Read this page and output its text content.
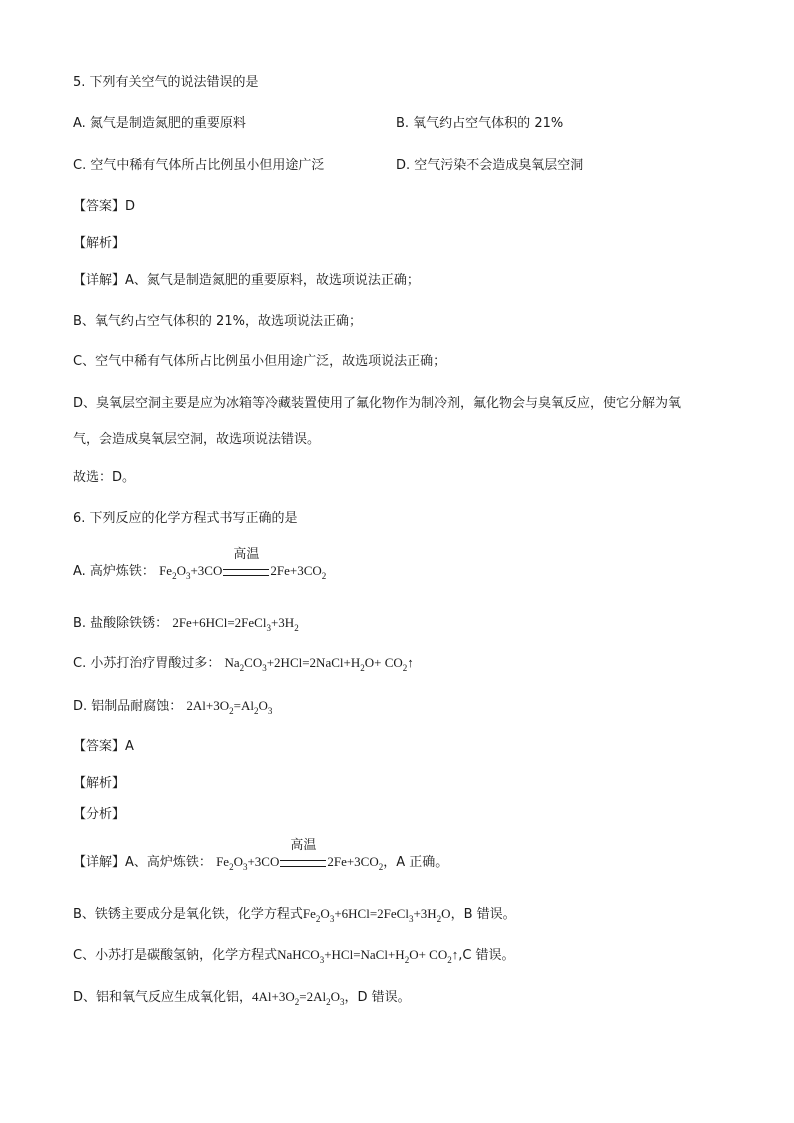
5. 下列有关空气的说法错误的是
A. 氮气是制造氮肥的重要原料	B. 氧气约占空气体积的 21%
C. 空气中稀有气体所占比例虽小但用途广泛	D. 空气污染不会造成臭氧层空洞
【答案】D
【解析】
【详解】A、氮气是制造氮肥的重要原料，故选项说法正确；
B、氧气约占空气体积的 21%，故选项说法正确；
C、空气中稀有气体所占比例虽小但用途广泛，故选项说法正确；
D、臭氧层空洞主要是应为冰箱等冷藏装置使用了氟化物作为制冷剂，氟化物会与臭氧反应，使它分解为氧
气，会造成臭氧层空洞，故选项说法错误。
故选：D。
6. 下列反应的化学方程式书写正确的是
A. 高炉炼铁： $Fe_2O_3+3CO$
高温
$2Fe+3CO_2$
B. 盐酸除铁锈： $2Fe+6HCl=2FeCl_3+3H_2$
C. 小苏打治疗胃酸过多： $Na_2CO_3+2HCl=2NaCl+H_2O+$ $CO_2↑$
D. 铝制品耐腐蚀： $2Al+3O_2=Al_2O_3$
【答案】A
【解析】
【分析】
【详解】A、高炉炼铁： $Fe_2O_3+3CO$
高温
$2Fe+3CO_2$，A 正确。
B、铁锈主要成分是氧化铁，化学方程式$Fe_2O_3+6HCl=2FeCl_3+3H_2O$，B 错误。
C、小苏打是碳酸氢钠，化学方程式$NaHCO_3+HCl=NaCl+H_2O+$ $CO_2↑,C$ 错误。
D、铝和氧气反应生成氧化铝，$4Al+3O_2=2Al_2O_3$，D 错误。
